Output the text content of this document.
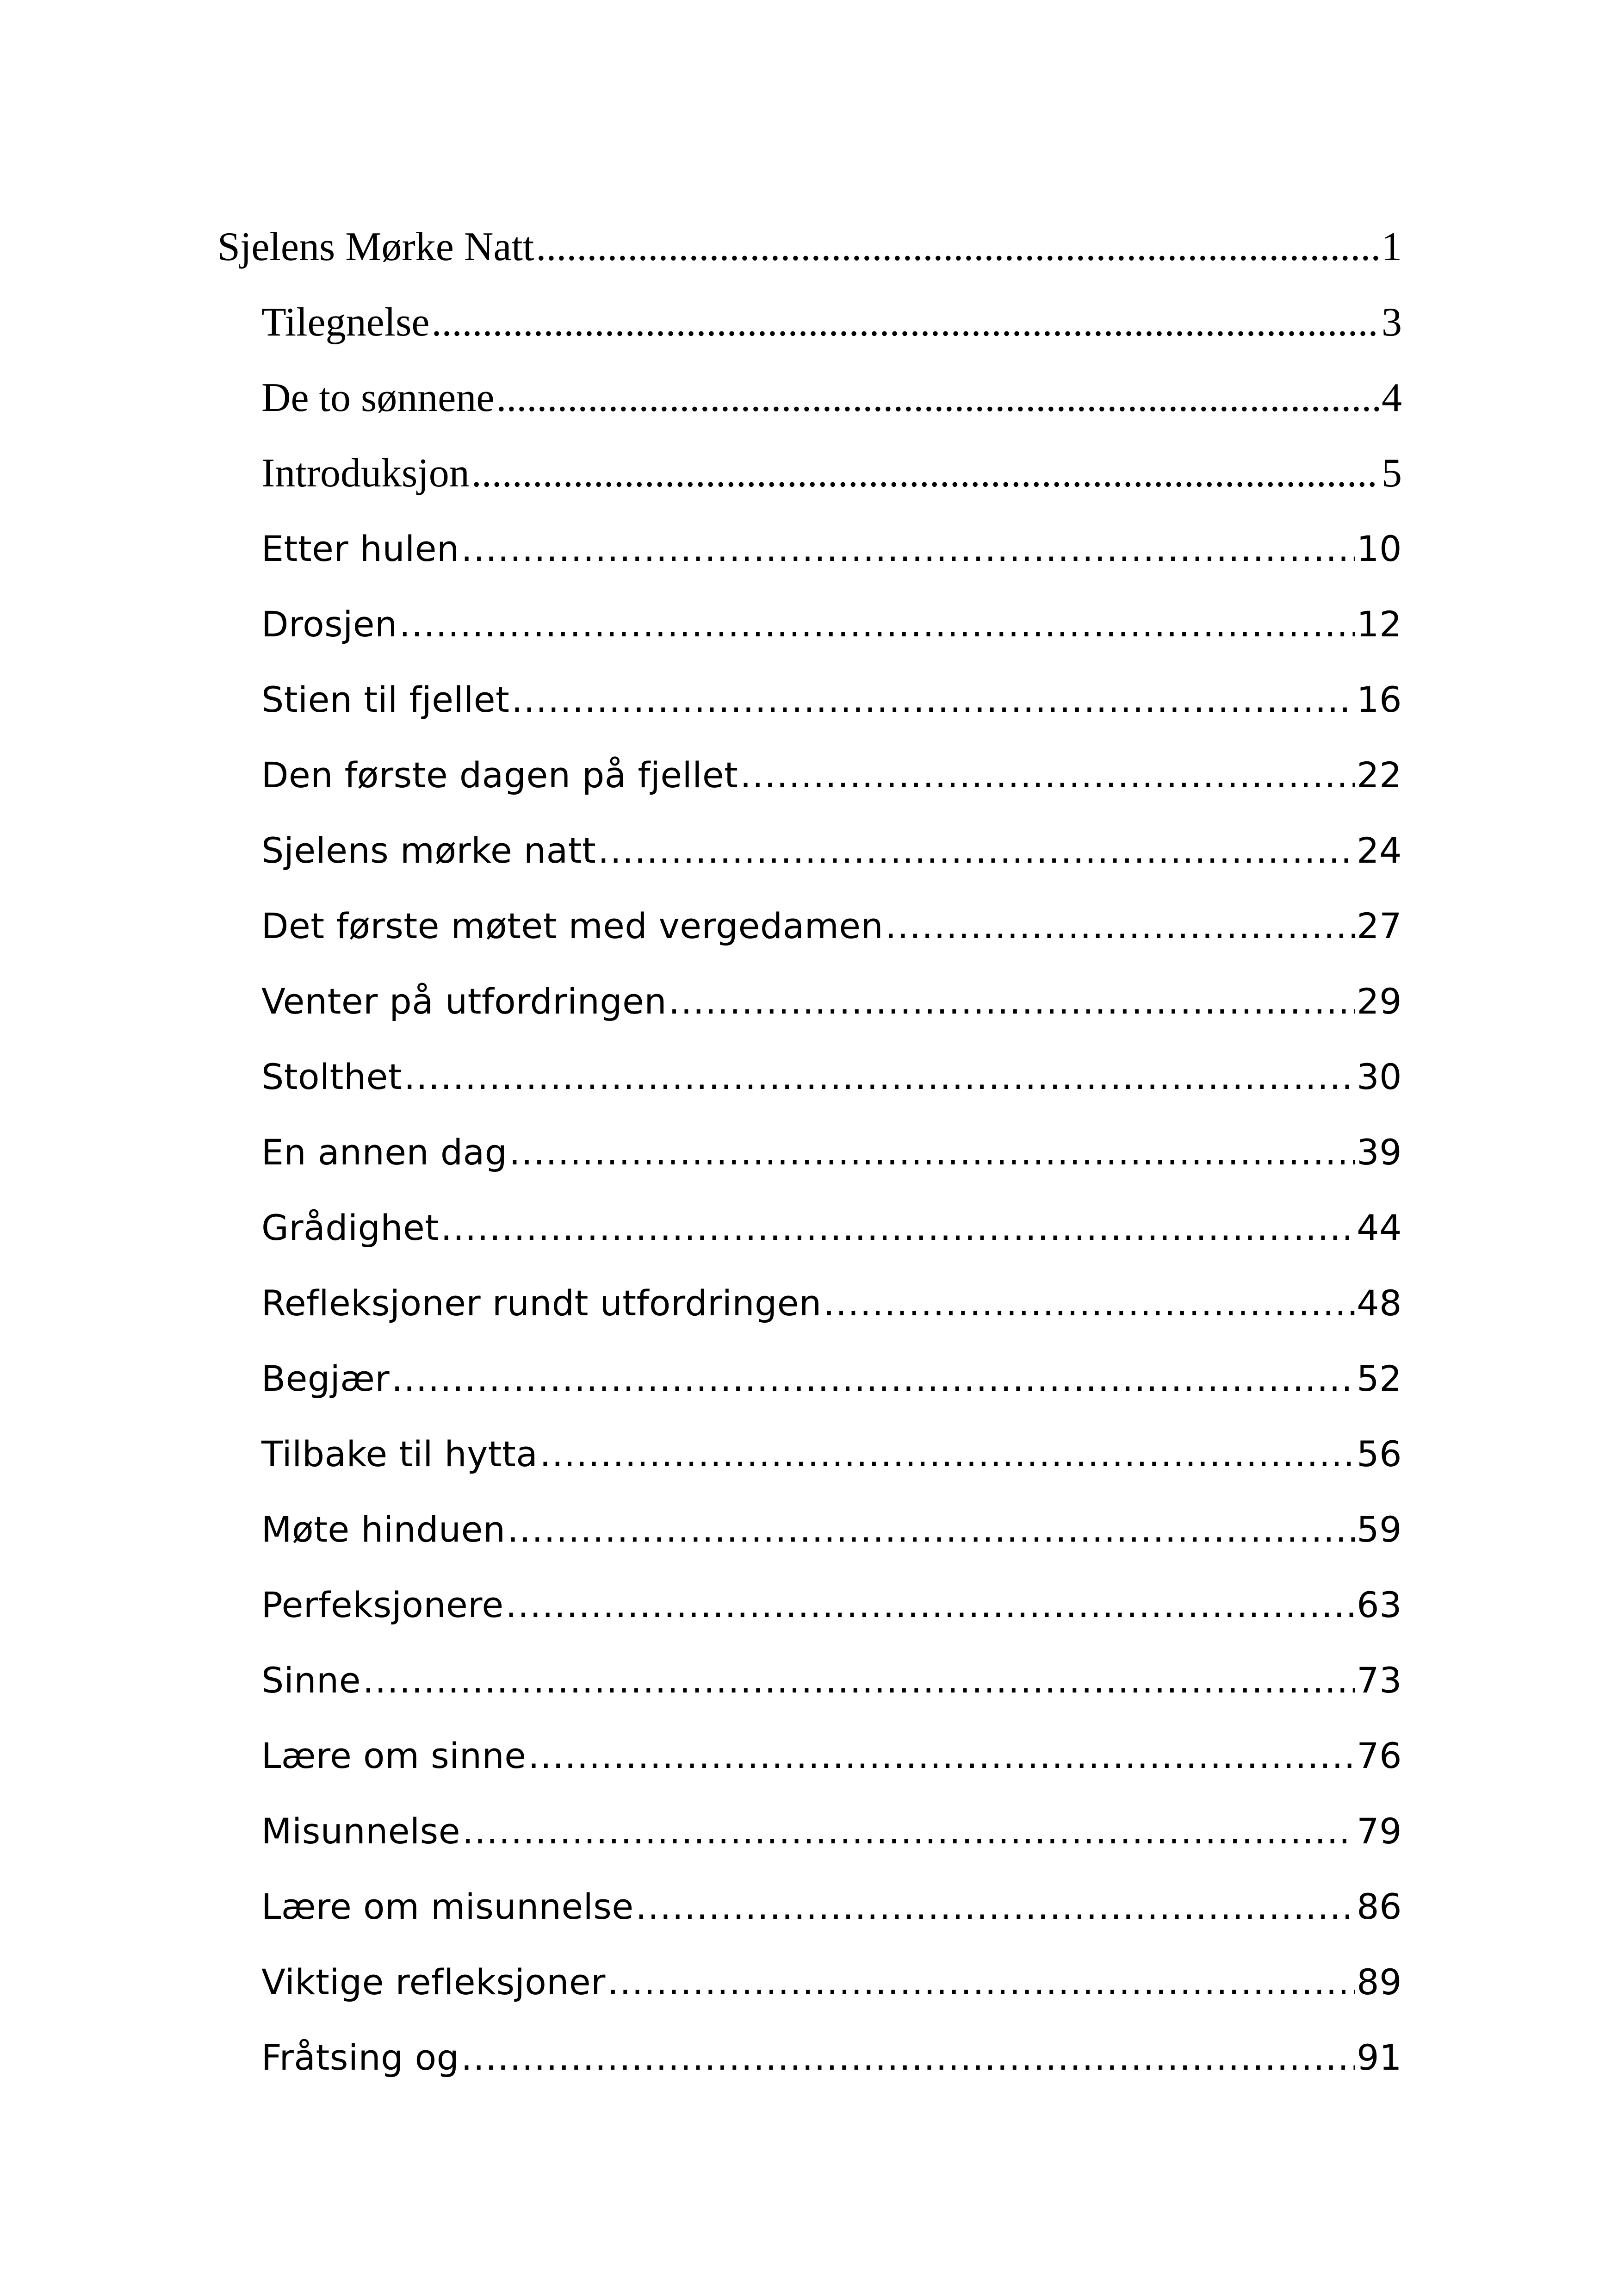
Sjelens Mørke Natt . . .	1
Tilegnelse . . .	3
De to sønnene . . .	4
Introduksjon . . .	5
Etter hulen . . .	10
Drosjen . . .	12
Stien til fjellet . . .	16
Den første dagen på fjellet . . .	22
Sjelens mørke natt . . .	24
Det første møtet med vergedamen . . .	27
Venter på utfordringen . . .	29
Stolthet . . .	30
En annen dag . . .	39
Grådighet . . .	44
Refleksjoner rundt utfordringen . . .	48
Begjær . . .	52
Tilbake til hytta . . .	56
Møte hinduen . . .	59
Perfeksjonere . . .	63
Sinne . . .	73
Lære om sinne . . .	76
Misunnelse . . .	79
Lære om misunnelse . . .	86
Viktige refleksjoner . . .	89
Fråtsing og . . .	91
